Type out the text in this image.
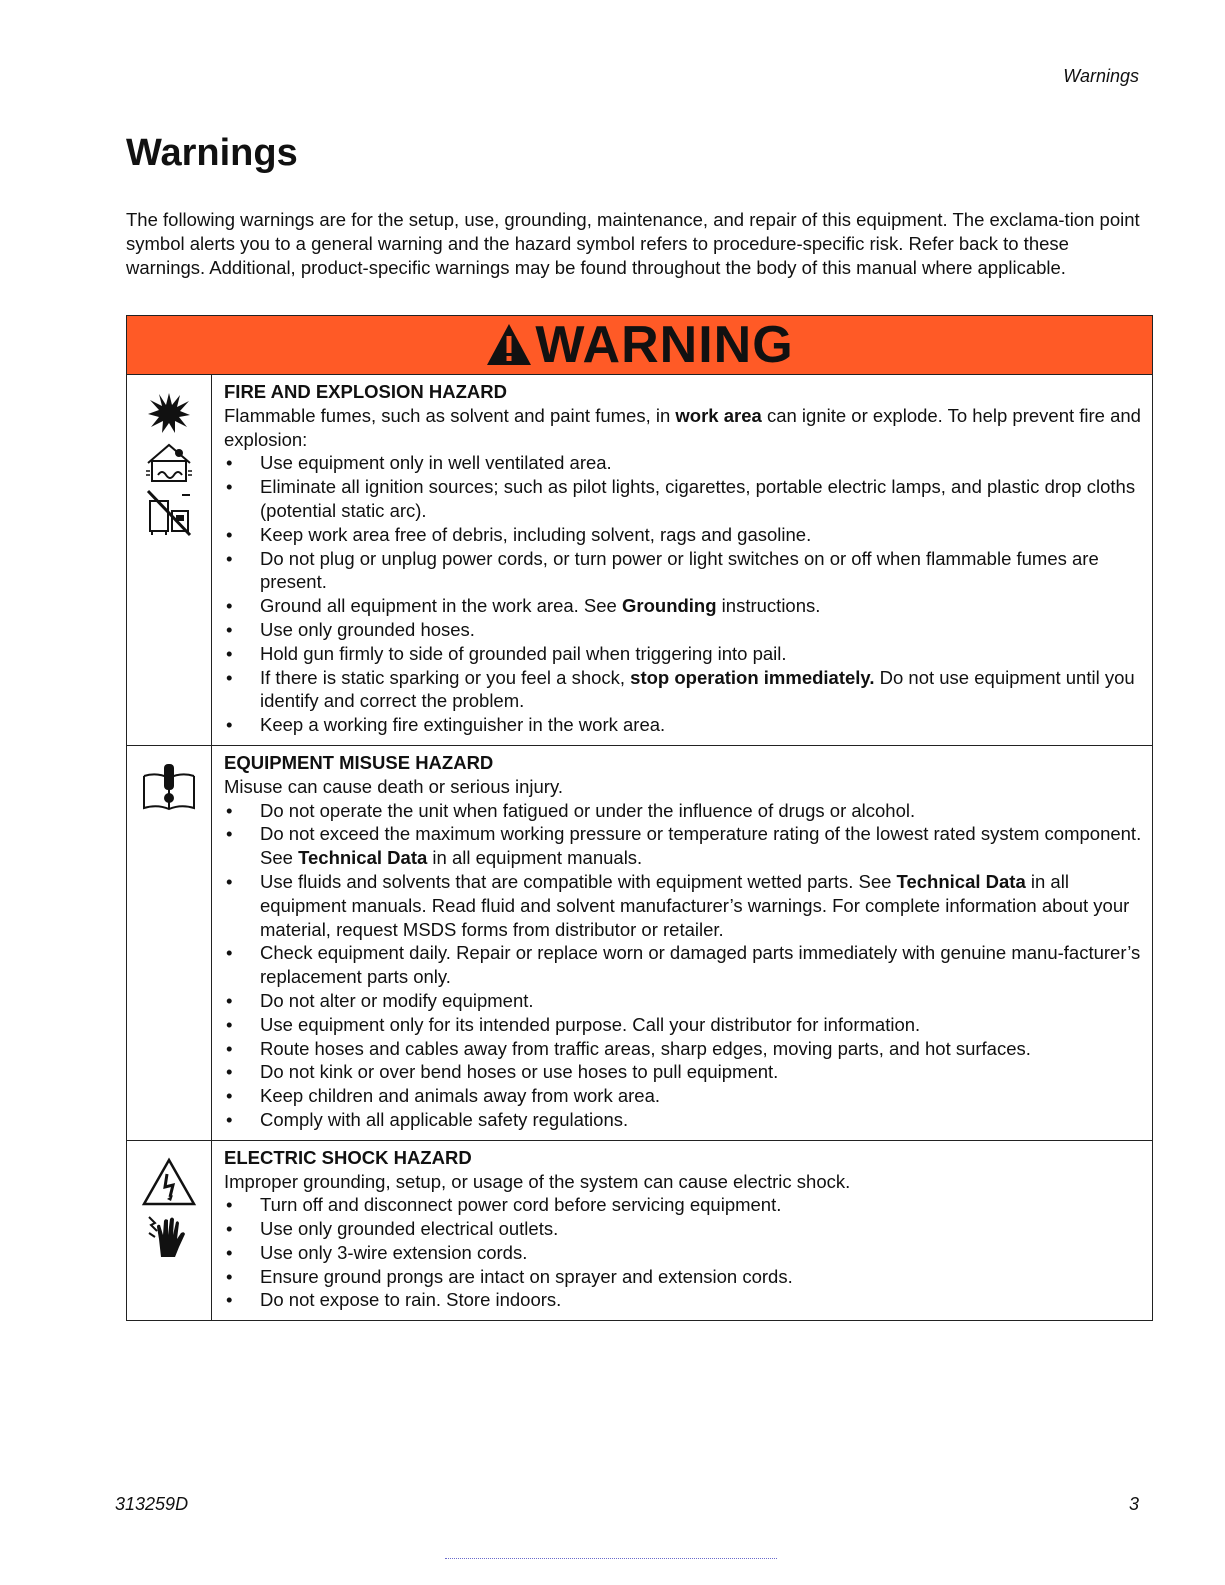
Warnings
Warnings

The following warnings are for the setup, use, grounding, maintenance, and repair of this equipment. The exclama-tion point symbol alerts you to a general warning and the hazard symbol refers to procedure-specific risk. Refer back to these warnings. Additional, product-specific warnings may be found throughout the body of this manual where applicable.

WARNING
FIRE AND EXPLOSION HAZARD
Flammable fumes, such as solvent and paint fumes, in work area can ignite or explode. To help prevent fire and explosion:
• Use equipment only in well ventilated area.
• Eliminate all ignition sources; such as pilot lights, cigarettes, portable electric lamps, and plastic drop cloths (potential static arc).
• Keep work area free of debris, including solvent, rags and gasoline.
• Do not plug or unplug power cords, or turn power or light switches on or off when flammable fumes are present.
• Ground all equipment in the work area. See Grounding instructions.
• Use only grounded hoses.
• Hold gun firmly to side of grounded pail when triggering into pail.
• If there is static sparking or you feel a shock, stop operation immediately. Do not use equipment until you identify and correct the problem.
• Keep a working fire extinguisher in the work area.
EQUIPMENT MISUSE HAZARD
Misuse can cause death or serious injury.
• Do not operate the unit when fatigued or under the influence of drugs or alcohol.
• Do not exceed the maximum working pressure or temperature rating of the lowest rated system component. See Technical Data in all equipment manuals.
• Use fluids and solvents that are compatible with equipment wetted parts. See Technical Data in all equipment manuals. Read fluid and solvent manufacturer’s warnings. For complete information about your material, request MSDS forms from distributor or retailer.
• Check equipment daily. Repair or replace worn or damaged parts immediately with genuine manu-facturer’s replacement parts only.
• Do not alter or modify equipment.
• Use equipment only for its intended purpose. Call your distributor for information.
• Route hoses and cables away from traffic areas, sharp edges, moving parts, and hot surfaces.
• Do not kink or over bend hoses or use hoses to pull equipment.
• Keep children and animals away from work area.
• Comply with all applicable safety regulations.
ELECTRIC SHOCK HAZARD
Improper grounding, setup, or usage of the system can cause electric shock.
• Turn off and disconnect power cord before servicing equipment.
• Use only grounded electrical outlets.
• Use only 3-wire extension cords.
• Ensure ground prongs are intact on sprayer and extension cords.
• Do not expose to rain. Store indoors.
313259D	3
